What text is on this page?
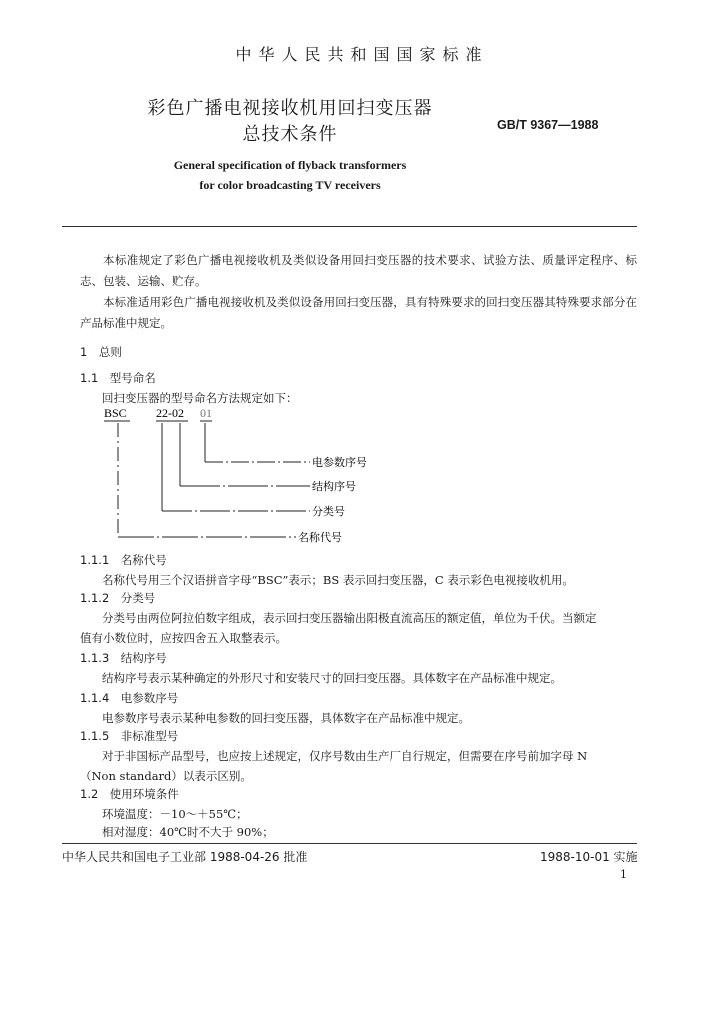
中华人民共和国国家标准
彩色广播电视接收机用回扫变压器
总技术条件	GB/T 9367—1988
General specification of flyback transformers
for color broadcasting TV receivers
本标准规定了彩色广播电视接收机及类似设备用回扫变压器的技术要求、试验方法、质量评定程序、标志、包装、运输、贮存。
本标准适用彩色广播电视接收机及类似设备用回扫变压器，具有特殊要求的回扫变压器其特殊要求部分在产品标准中规定。
1　总则
1.1　型号命名
回扫变压器的型号命名方法规定如下：
BSC 22-02 01
电参数序号
结构序号
分类号
名称代号
1.1.1　名称代号
名称代号用三个汉语拼音字母“BSC”表示；BS 表示回扫变压器，C 表示彩色电视接收机用。
1.1.2　分类号
分类号由两位阿拉伯数字组成，表示回扫变压器输出阳极直流高压的额定值，单位为千伏。当额定
值有小数位时，应按四舍五入取整表示。
1.1.3　结构序号
结构序号表示某种确定的外形尺寸和安装尺寸的回扫变压器。具体数字在产品标准中规定。
1.1.4　电参数序号
电参数序号表示某种电参数的回扫变压器，具体数字在产品标准中规定。
1.1.5　非标准型号
对于非国标产品型号，也应按上述规定，仅序号数由生产厂自行规定，但需要在序号前加字母 N
（Non standard）以表示区别。
1.2　使用环境条件
环境温度：－10～＋55℃；
相对湿度：40℃时不大于 90%；
中华人民共和国电子工业部 1988-04-26 批准	1988-10-01 实施
1
